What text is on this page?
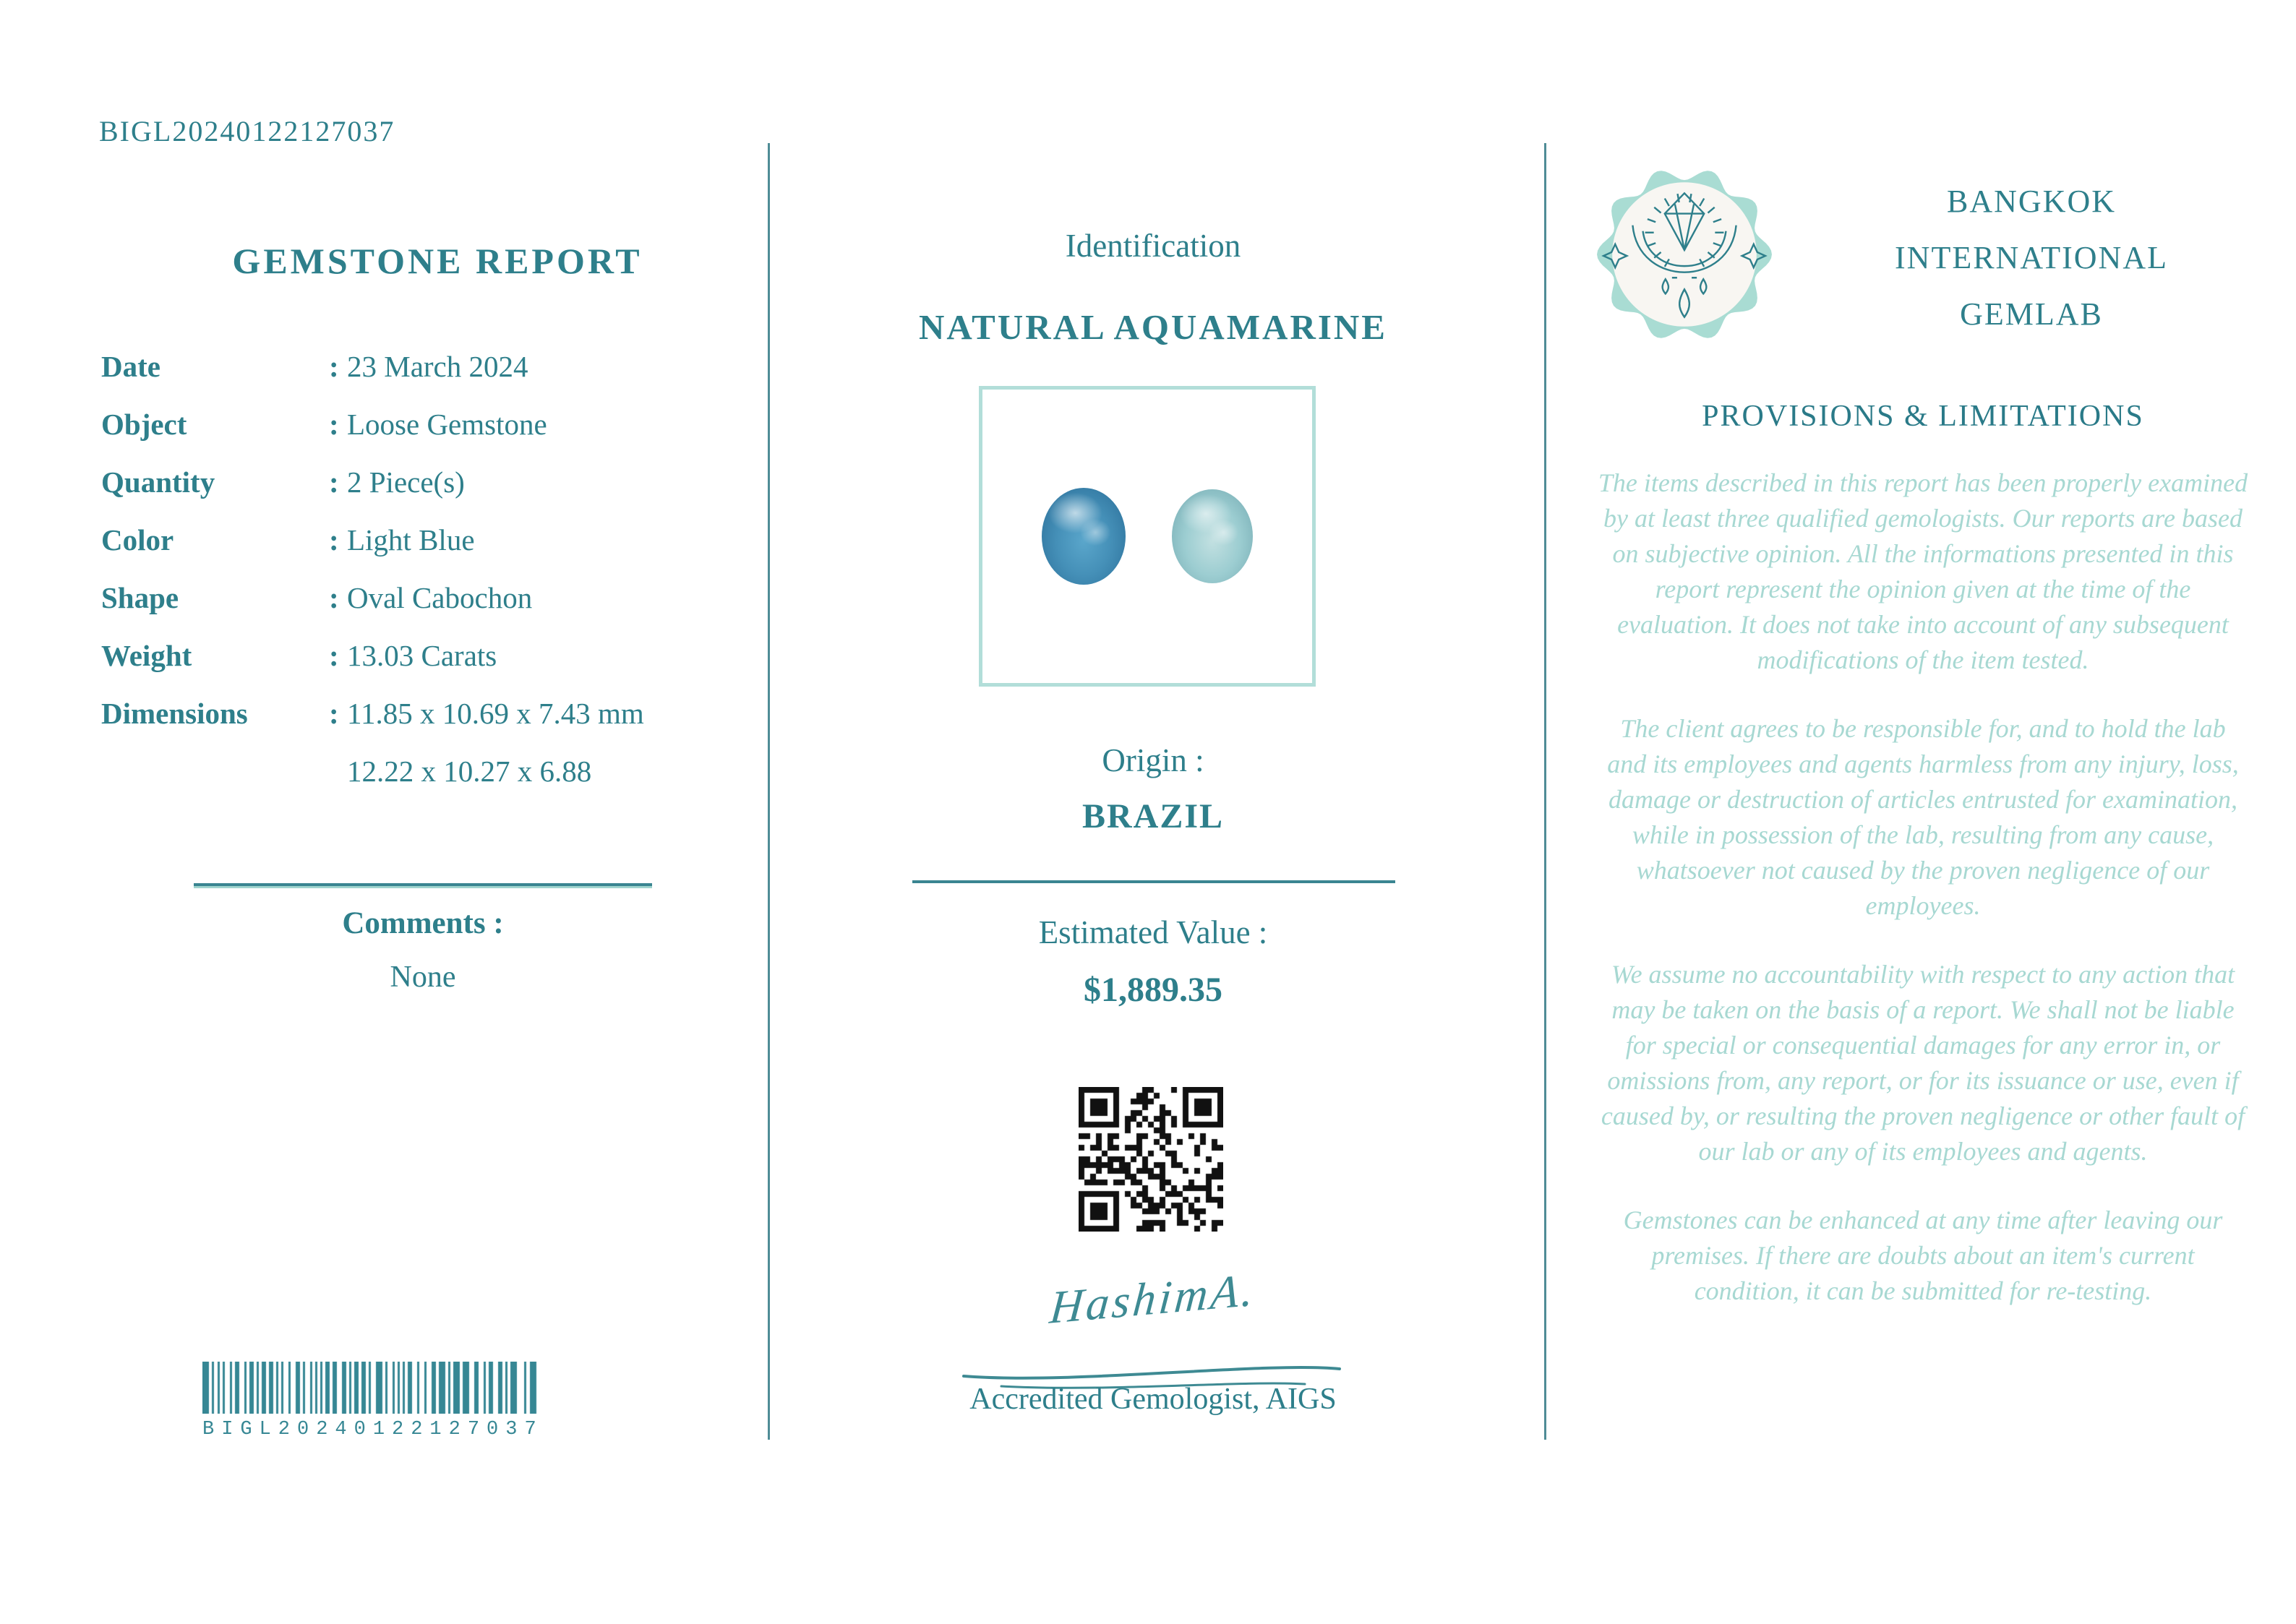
BIGL20240122127037
GEMSTONE REPORT
Date	: 23 March 2024
Object	: Loose Gemstone
Quantity	: 2 Piece(s)
Color	: Light Blue
Shape	: Oval Cabochon
Weight	: 13.03 Carats
Dimensions	: 11.85 x 10.69 x 7.43 mm
12.22 x 10.27 x 6.88
Comments :
None
BIGL20240122127037
Identification
NATURAL AQUAMARINE
Origin :
BRAZIL
Estimated Value :
$1,889.35
HashimA.
Accredited Gemologist, AIGS
BANGKOK
INTERNATIONAL
GEMLAB
PROVISIONS & LIMITATIONS

The items described in this report has been properly examined by at least three qualified gemologists. Our reports are based on subjective opinion. All the informations presented in this report represent the opinion given at the time of the evaluation. It does not take into account of any subsequent modifications of the item tested.

The client agrees to be responsible for, and to hold the lab and its employees and agents harmless from any injury, loss, damage or destruction of articles entrusted for examination, while in possession of the lab, resulting from any cause, whatsoever not caused by the proven negligence of our employees.

We assume no accountability with respect to any action that may be taken on the basis of a report. We shall not be liable for special or consequential damages for any error in, or omissions from, any report, or for its issuance or use, even if caused by, or resulting the proven negligence or other fault of our lab or any of its employees and agents.

Gemstones can be enhanced at any time after leaving our premises. If there are doubts about an item's current condition, it can be submitted for re-testing.
